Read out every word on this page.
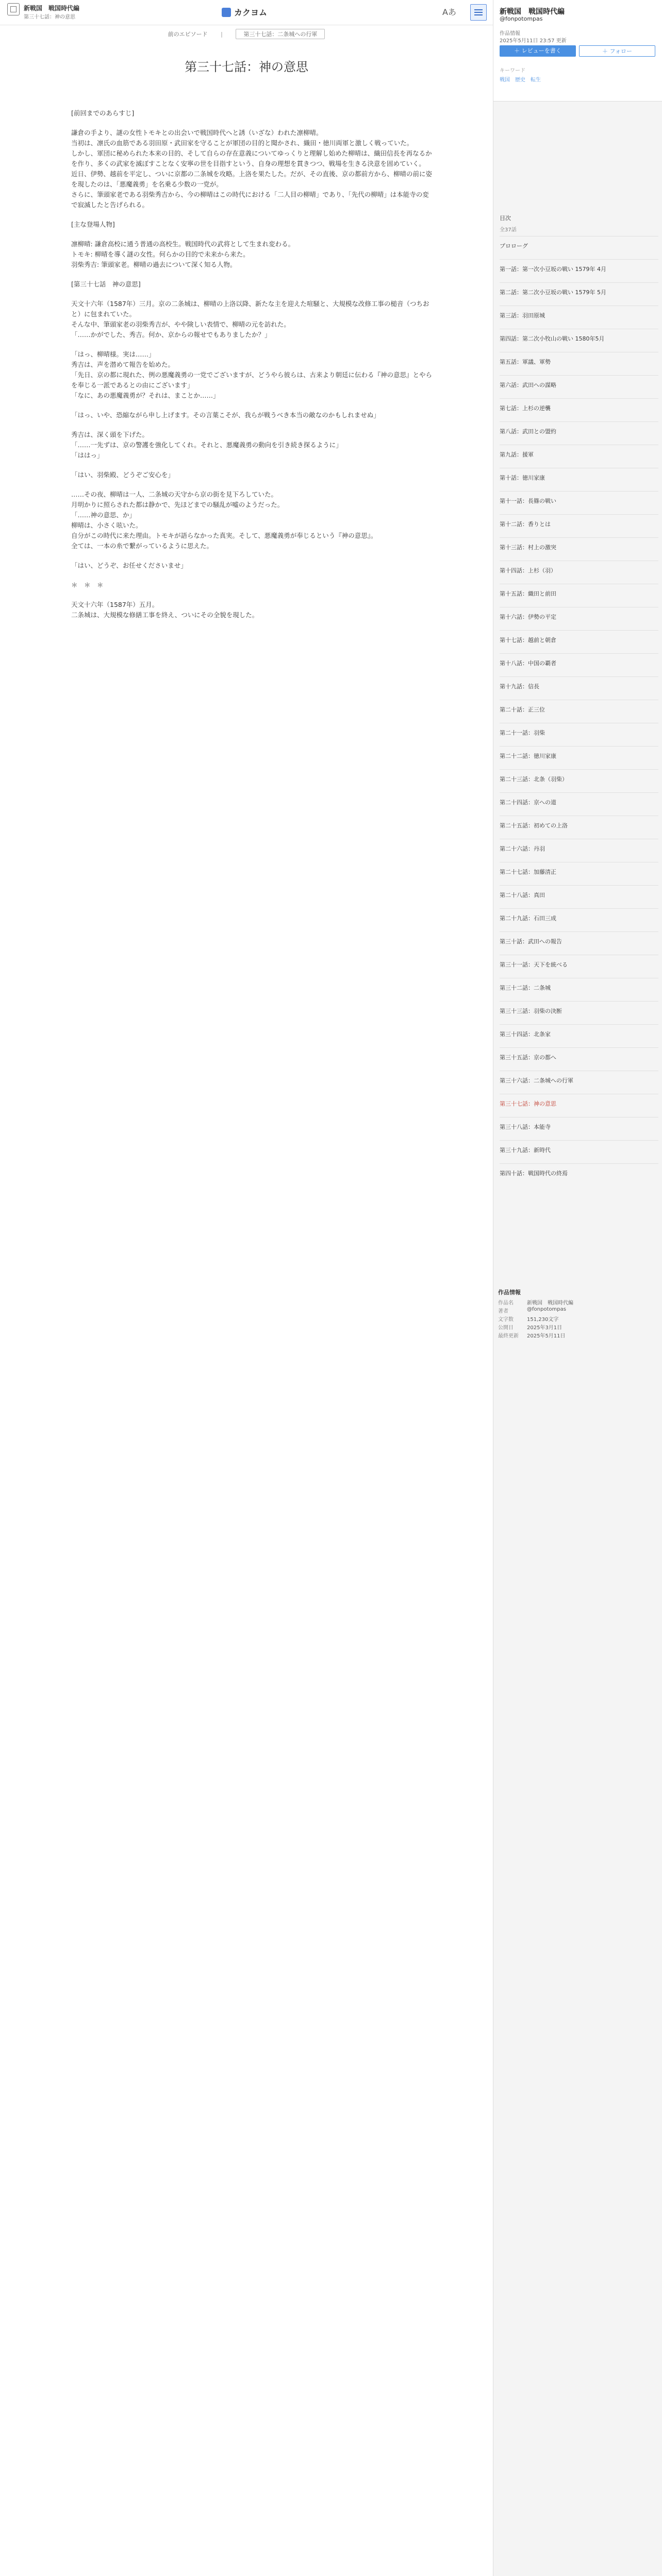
新戦国　戦国時代編
第三十七話：神の意思	カクヨム	Aあ
前のエピソード |	第三十七話：二条城への行軍
第三十七話：神の意思

[前回までのあらすじ]

謙倉の手より、謎の女性トモキとの出会いで戦国時代へと誘（いざな）われた凛柳晴。

当初は、凛氏の血筋である羽田原・武田家を守ることが軍団の目的と聞かされ、織田・徳川両軍と激しく戦っていた。

しかし、軍団に秘められた本来の目的、そして自らの存在意義についてゆっくりと理解し始めた柳晴は、織田信長を再なるかを作り、多くの武家を滅ぼすことなく安寧の世を目指すという、自身の理想を貫きつつ、戦場を生きる決意を固めていく。

近日、伊勢、越前を平定し、ついに京都の二条城を攻略。上洛を果たした。だが、その直後、京の都前方から、柳晴の前に姿を現したのは、「悪魔義勇」を名乗る少数の一党が。

さらに、筆頭家老である羽柴秀吉から、今の柳晴はこの時代における「二人目の柳晴」であり、「先代の柳晴」は本能寺の変で寂滅したと告げられる。

[主な登場人物]

凛柳晴: 謙倉高校に通う普通の高校生。戦国時代の武将として生まれ変わる。

トモキ: 柳晴を導く謎の女性。何らかの目的で未来から来た。

羽柴秀吉: 筆頭家老。柳晴の過去について深く知る人物。

[第三十七話　神の意思]

天文十六年（1587年）三月。京の二条城は、柳晴の上洛以降、新たな主を迎えた喧騒と、大規模な改修工事の槌音（つちおと）に包まれていた。

そんな中、筆頭家老の羽柴秀吉が、やや険しい表情で、柳晴の元を訪れた。

「……かがでした、秀吉。何か、京からの報せでもありましたか？」

「はっ、柳晴様。実は……」

秀吉は、声を潜めて報告を始めた。

「先日、京の都に現れた、例の悪魔義勇の一党でございますが、どうやら彼らは、古来より朝廷に伝わる『神の意思』とやらを奉じる一派であるとの由にございます」

「なに、あの悪魔義勇が？それは、まことか……」

「はっ、いや、恐縮ながら申し上げます。その言葉こそが、我らが戦うべき本当の敵なのかもしれませぬ」

秀吉は、深く頭を下げた。

「……一先ずは、京の警護を強化してくれ。それと、悪魔義勇の動向を引き続き探るように」

「ははっ」

「はい、羽柴殿、どうぞご安心を」

……その夜、柳晴は一人、二条城の天守から京の街を見下ろしていた。

月明かりに照らされた都は静かで、先ほどまでの騒乱が嘘のようだった。

「……神の意思、か」

柳晴は、小さく呟いた。

自分がこの時代に来た理由。トモキが語らなかった真実。そして、悪魔義勇が奉じるという『神の意思』。

全ては、一本の糸で繋がっているように思えた。

「はい、どうぞ、お任せくださいませ」

＊　＊　＊

天文十六年（1587年）五月。

二条城は、大規模な修繕工事を終え、ついにその全貌を現した。

新戦国　戦国時代編
@fonpotompas
作品情報
2025年5月11日 23:57 更新
＋ レビューを書く	＋ フォロー
キーワード
戦国　歴史　転生
目次
全37話
プロローグ
第一話：第一次小豆坂の戦い 1579年 4月
第二話：第二次小豆坂の戦い 1579年 5月
第三話：羽田原城
第四話：第二次小牧山の戦い 1580年5月
第五話：軍議、軍勢
第六話：武田への謀略
第七話：上杉の逆襲
第八話：武田との盟約
第九話：援軍
第十話：徳川家康
第十一話：長篠の戦い
第十二話：香りとは
第十三話：村上の激突
第十四話：上杉（羽）
第十五話：織田と前田
第十六話：伊勢の平定
第十七話：越前と朝倉
第十八話：中国の覇者
第十九話：信長
第二十話：正三位
第二十一話：羽柴
第二十二話：徳川家康
第二十三話：北条（羽柴）
第二十四話：京への道
第二十五話：初めての上洛
第二十六話：丹羽
第二十七話：加藤清正
第二十八話：真田
第二十九話：石田三成
第三十話：武田への報告
第三十一話：天下を統べる
第三十二話：二条城
第三十三話：羽柴の決断
第三十四話：北条家
第三十五話：京の都へ
第三十六話：二条城への行軍
第三十七話：神の意思
第三十八話：本能寺
第三十九話：新時代
第四十話：戦国時代の終焉
作品情報
作品名	新戦国　戦国時代編
著者	@fonpotompas
文字数	151,230文字
公開日	2025年3月1日
最終更新	2025年5月11日
